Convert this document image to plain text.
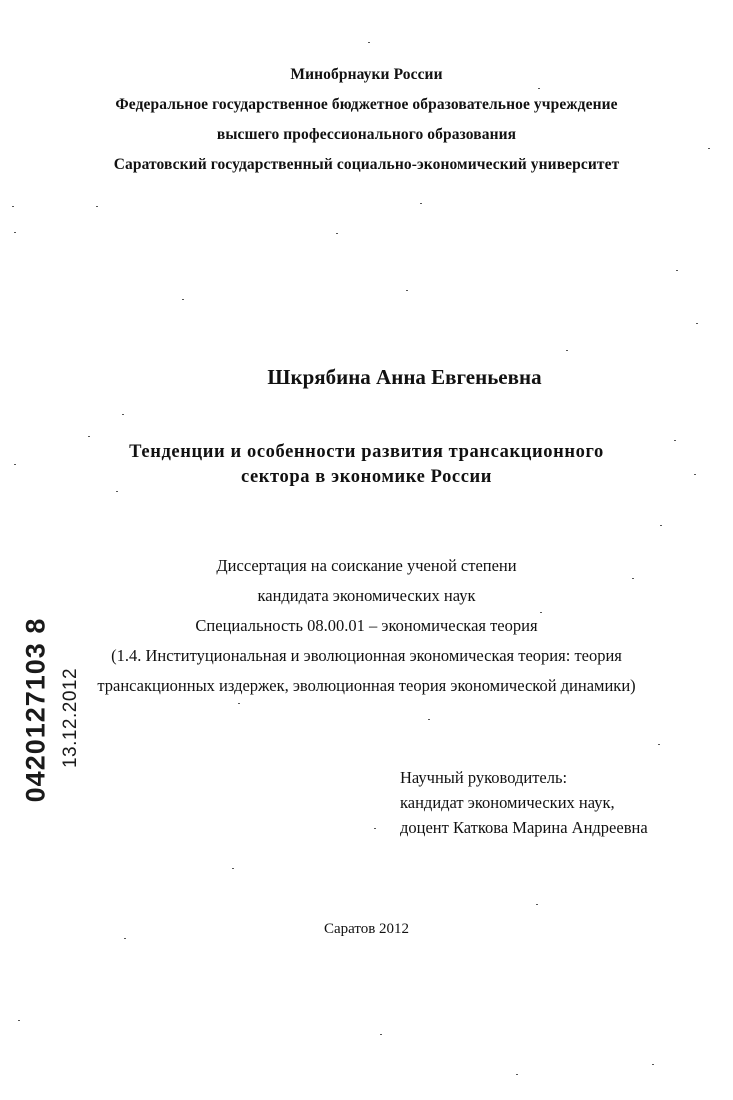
Минобрнауки России
Федеральное государственное бюджетное образовательное учреждение
высшего профессионального образования
Саратовский государственный социально-экономический университет
Шкрябина Анна Евгеньевна
Тенденции и особенности развития трансакционного
сектора в экономике России
Диссертация на соискание ученой степени
кандидата экономических наук
Специальность 08.00.01 – экономическая теория
(1.4. Институциональная и эволюционная экономическая теория: теория
трансакционных издержек, эволюционная теория экономической динамики)
Научный руководитель:
кандидат экономических наук,
доцент Каткова Марина Андреевна
Саратов 2012
0420127103 8 13.12.2012
